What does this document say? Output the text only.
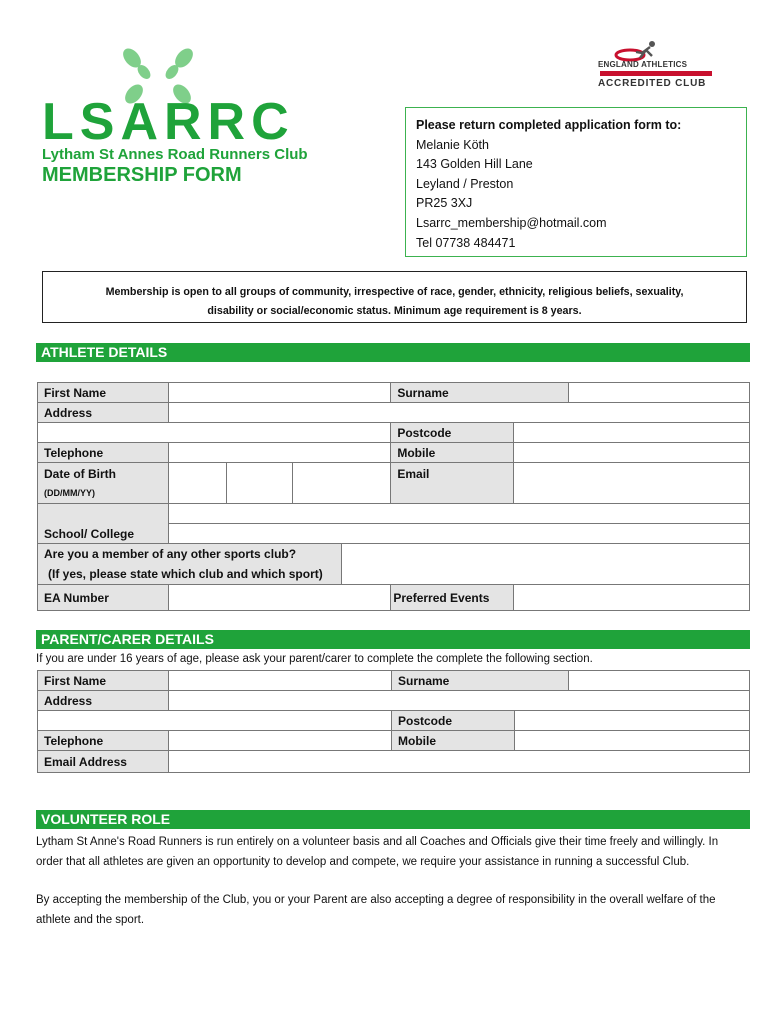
LSARRC
Lytham St Annes Road Runners Club
MEMBERSHIP FORM
ENGLAND ATHLETICS
ACCREDITED CLUB
Please return completed application form to:
Melanie Köth
143 Golden Hill Lane
Leyland / Preston
PR25 3XJ
Lsarrc_membership@hotmail.com
Tel 07738 484471
Membership is open to all groups of community, irrespective of race, gender, ethnicity, religious beliefs, sexuality,
disability or social/economic status. Minimum age requirement is 8 years.
ATHLETE DETAILS
First Name					Surname		
Address							
					Postcode		
Telephone					Mobile		

Date of Birth
(DD/MM/YY)					Email		
School/ College							

Are you a member of any other sports club?
(If yes, please state which club and which sport)							

EA Number					Preferred Events		
PARENT/CARER DETAILS
If you are under 16 years of age, please ask your parent/carer to complete the complete the following section.
First Name		Surname		
Address				
		Postcode		
Telephone		Mobile		
Email Address				
VOLUNTEER ROLE
Lytham St Anne's Road Runners is run entirely on a volunteer basis and all Coaches and Officials give their time freely and willingly. In order that all athletes are given an opportunity to develop and compete, we require your assistance in running a successful Club.
By accepting the membership of the Club, you or your Parent are also accepting a degree of responsibility in the overall welfare of the athlete and the sport.
